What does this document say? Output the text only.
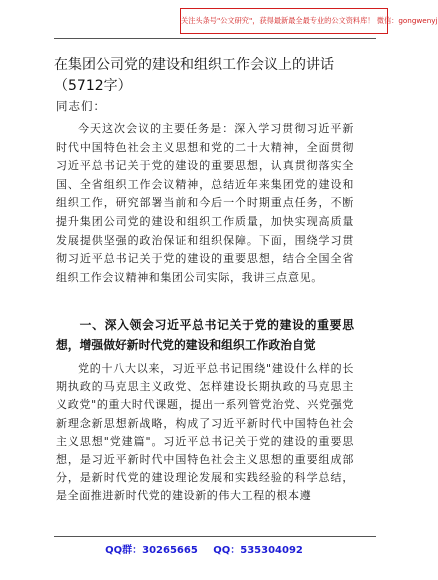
关注头条号"公文研究"，获得最新最全最专业的公文资料库！ 微信：gongwenyj
在集团公司党的建设和组织工作会议上的讲话（5712字）
同志们：

今天这次会议的主要任务是：深入学习贯彻习近平新时代中国特色社会主义思想和党的二十大精神，全面贯彻习近平总书记关于党的建设的重要思想，认真贯彻落实全国、全省组织工作会议精神，总结近年来集团党的建设和组织工作，研究部署当前和今后一个时期重点任务，不断提升集团公司党的建设和组织工作质量，加快实现高质量发展提供坚强的政治保证和组织保障。下面，围绕学习贯彻习近平总书记关于党的建设的重要思想，结合全国全省组织工作会议精神和集团公司实际，我讲三点意见。

一、深入领会习近平总书记关于党的建设的重要思想，增强做好新时代党的建设和组织工作政治自觉

党的十八大以来，习近平总书记围绕"建设什么样的长期执政的马克思主义政党、怎样建设长期执政的马克思主义政党"的重大时代课题，提出一系列管党治党、兴党强党新理念新思想新战略，构成了习近平新时代中国特色社会主义思想"党建篇"。习近平总书记关于党的建设的重要思想，是习近平新时代中国特色社会主义思想的重要组成部分，是新时代党的建设理论发展和实践经验的科学总结，是全面推进新时代党的建设新的伟大工程的根本遵

QQ群：30265665 QQ：535304092
